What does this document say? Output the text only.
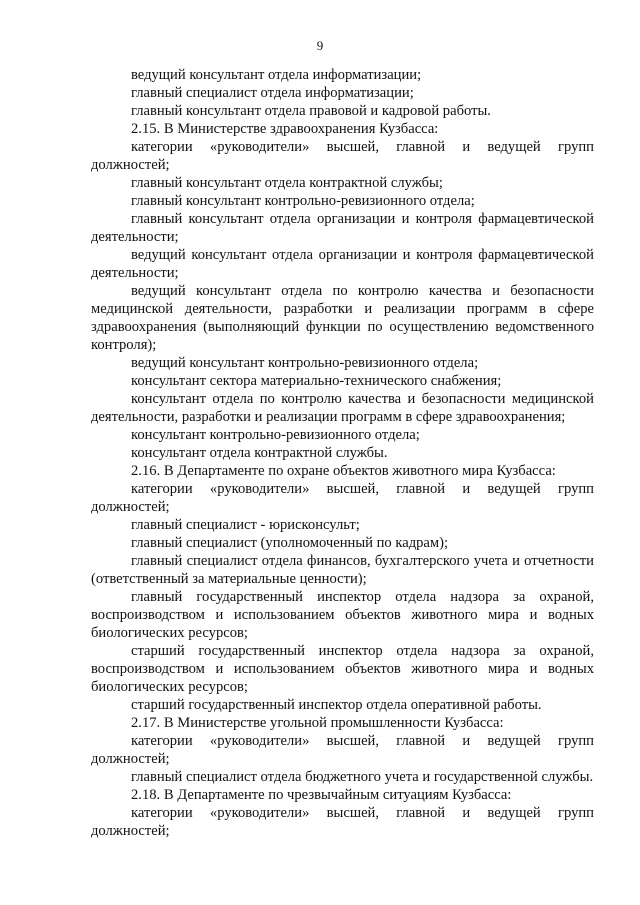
9

ведущий консультант отдела информатизации;

главный специалист отдела информатизации;

главный консультант отдела правовой и кадровой работы.

2.15. В Министерстве здравоохранения Кузбасса:

категории «руководители» высшей, главной и ведущей групп должностей;

главный консультант отдела контрактной службы;

главный консультант контрольно-ревизионного отдела;

главный консультант отдела организации и контроля фармацевтической деятельности;

ведущий консультант отдела организации и контроля фармацевтической деятельности;

ведущий консультант отдела по контролю качества и безопасности медицинской деятельности, разработки и реализации программ в сфере здравоохранения (выполняющий функции по осуществлению ведомственного контроля);

ведущий консультант контрольно-ревизионного отдела;

консультант сектора материально-технического снабжения;

консультант отдела по контролю качества и безопасности медицинской деятельности, разработки и реализации программ в сфере здравоохранения;

консультант контрольно-ревизионного отдела;

консультант отдела контрактной службы.

2.16. В Департаменте по охране объектов животного мира Кузбасса:

категории «руководители» высшей, главной и ведущей групп должностей;

главный специалист - юрисконсульт;

главный специалист (уполномоченный по кадрам);

главный специалист отдела финансов, бухгалтерского учета и отчетности (ответственный за материальные ценности);

главный государственный инспектор отдела надзора за охраной, воспроизводством и использованием объектов животного мира и водных биологических ресурсов;

старший государственный инспектор отдела надзора за охраной, воспроизводством и использованием объектов животного мира и водных биологических ресурсов;

старший государственный инспектор отдела оперативной работы.

2.17. В Министерстве угольной промышленности Кузбасса:

категории «руководители» высшей, главной и ведущей групп должностей;

главный специалист отдела бюджетного учета и государственной службы.

2.18. В Департаменте по чрезвычайным ситуациям Кузбасса:

категории «руководители» высшей, главной и ведущей групп должностей;
